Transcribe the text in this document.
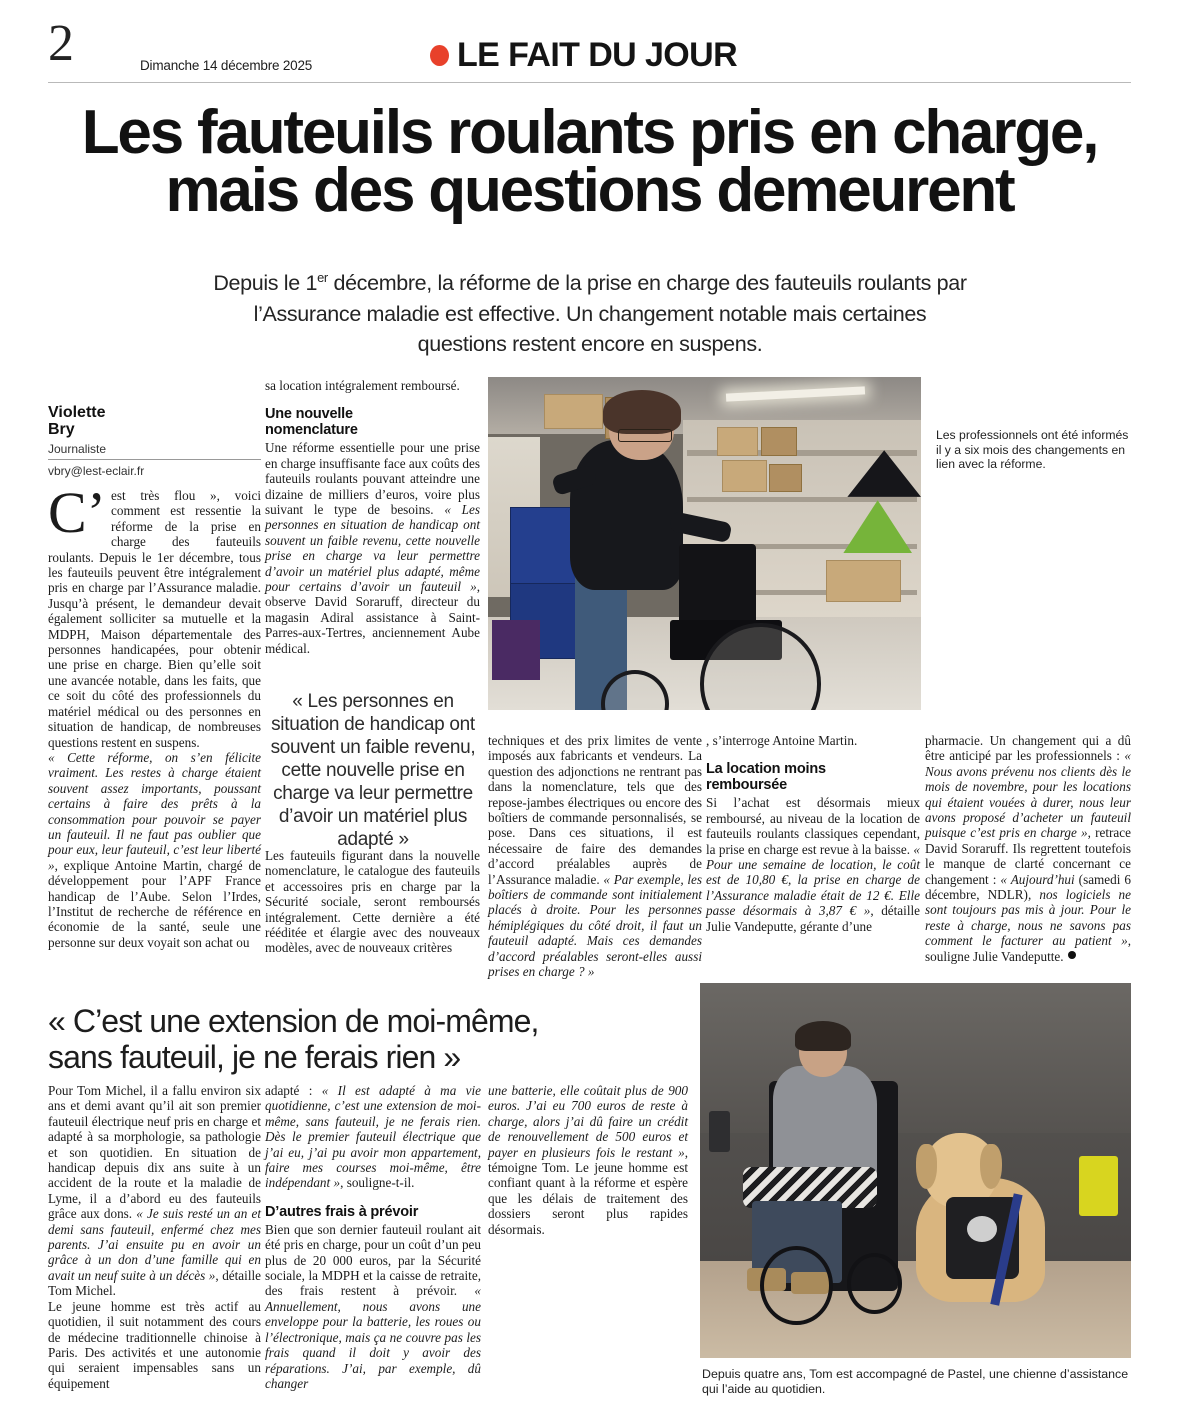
2	Dimanche 14 décembre 2025	LE FAIT DU JOUR
Les fauteuils roulants pris en charge,
mais des questions demeurent
Depuis le 1er décembre, la réforme de la prise en charge des fauteuils roulants par l’Assurance maladie est effective. Un changement notable mais certaines questions restent encore en suspens.
Violette
Bry
Journaliste
vbry@lest-eclair.fr

C’est très flou », voici comment est ressentie la réforme de la prise en charge des fauteuils roulants. Depuis le 1er décembre, tous les fauteuils peuvent être intégralement pris en charge par l’Assurance maladie. Jusqu’à présent, le demandeur devait également solliciter sa mutuelle et la MDPH, Maison départementale des personnes handicapées, pour obtenir une prise en charge. Bien qu’elle soit une avancée notable, dans les faits, que ce soit du côté des professionnels du matériel médical ou des personnes en situation de handicap, de nombreuses questions restent en suspens.

« Cette réforme, on s’en félicite vraiment. Les restes à charge étaient souvent assez importants, poussant certains à faire des prêts à la consommation pour pouvoir se payer un fauteuil. Il ne faut pas oublier que pour eux, leur fauteuil, c’est leur liberté », explique Antoine Martin, chargé de développement pour l’APF France handicap de l’Aube. Selon l’Irdes, l’Institut de recherche de référence en économie de la santé, seule une personne sur deux voyait son achat ou

sa location intégralement remboursé.

Une nouvelle
nomenclature

Une réforme essentielle pour une prise en charge insuffisante face aux coûts des fauteuils roulants pouvant atteindre une dizaine de milliers d’euros, voire plus suivant le type de besoins. « Les personnes en situation de handicap ont souvent un faible revenu, cette nouvelle prise en charge va leur permettre d’avoir un matériel plus adapté, même pour certains d’avoir un fauteuil », observe David Soraruff, directeur du magasin Adiral assistance à Saint-Parres-aux-Tertres, anciennement Aube médical.

« Les personnes en situation de handicap ont souvent un faible revenu, cette nouvelle prise en charge va leur permettre d’avoir un matériel plus adapté »

Les fauteuils figurant dans la nouvelle nomenclature, le catalogue des fauteuils et accessoires pris en charge par la Sécurité sociale, seront remboursés intégralement. Cette dernière a été rééditée et élargie avec des nouveaux modèles, avec de nouveaux critères

Les professionnels ont été informés il y a six mois des changements en lien avec la réforme.

techniques et des prix limites de vente imposés aux fabricants et vendeurs. La question des adjonctions ne rentrant pas dans la nomenclature, tels que des repose-jambes électriques ou encore des boîtiers de commande personnalisés, se pose. Dans ces situations, il est nécessaire de faire des demandes d’accord préalables auprès de l’Assurance maladie. « Par exemple, les boîtiers de commande sont initialement placés à droite. Pour les personnes hémiplégiques du côté droit, il faut un fauteuil adapté. Mais ces demandes d’accord préalables seront-elles aussi prises en charge ? »

, s’interroge Antoine Martin.

La location moins
remboursée

Si l’achat est désormais mieux remboursé, au niveau de la location de fauteuils roulants classiques cependant, la prise en charge est revue à la baisse. « Pour une semaine de location, le coût est de 10,80 €, la prise en charge de l’Assurance maladie était de 12 €. Elle passe désormais à 3,87 € », détaille Julie Vandeputte, gérante d’une

pharmacie. Un changement qui a dû être anticipé par les professionnels : « Nous avons prévenu nos clients dès le mois de novembre, pour les locations qui étaient vouées à durer, nous leur avons proposé d’acheter un fauteuil puisque c’est pris en charge », retrace David Soraruff. Ils regrettent toutefois le manque de clarté concernant ce changement : « Aujourd’hui (samedi 6 décembre, NDLR), nos logiciels ne sont toujours pas mis à jour. Pour le reste à charge, nous ne savons pas comment le facturer au patient », souligne Julie Vandeputte.

« C’est une extension de moi-même,
sans fauteuil, je ne ferais rien »

Pour Tom Michel, il a fallu environ six ans et demi avant qu’il ait son premier fauteuil électrique neuf pris en charge et adapté à sa morphologie, sa pathologie et son quotidien. En situation de handicap depuis dix ans suite à un accident de la route et la maladie de Lyme, il a d’abord eu des fauteuils grâce aux dons. « Je suis resté un an et demi sans fauteuil, enfermé chez mes parents. J’ai ensuite pu en avoir un grâce à un don d’une famille qui en avait un neuf suite à un décès », détaille Tom Michel.

Le jeune homme est très actif au quotidien, il suit notamment des cours de médecine traditionnelle chinoise à Paris. Des activités et une autonomie qui seraient impensables sans un équipement

adapté : « Il est adapté à ma vie quotidienne, c’est une extension de moi-même, sans fauteuil, je ne ferais rien. Dès le premier fauteuil électrique que j’ai eu, j’ai pu avoir mon appartement, faire mes courses moi-même, être indépendant », souligne-t-il.

D’autres frais à prévoir

Bien que son dernier fauteuil roulant ait été pris en charge, pour un coût d’un peu plus de 20 000 euros, par la Sécurité sociale, la MDPH et la caisse de retraite, des frais restent à prévoir. « Annuellement, nous avons une enveloppe pour la batterie, les roues ou l’électronique, mais ça ne couvre pas les frais quand il doit y avoir des réparations. J’ai, par exemple, dû changer

une batterie, elle coûtait plus de 900 euros. J’ai eu 700 euros de reste à charge, alors j’ai dû faire un crédit de renouvellement de 500 euros et payer en plusieurs fois le restant », témoigne Tom. Le jeune homme est confiant quant à la réforme et espère que les délais de traitement des dossiers seront plus rapides désormais.

Depuis quatre ans, Tom est accompagné de Pastel, une chienne d’assistance qui l’aide au quotidien.
